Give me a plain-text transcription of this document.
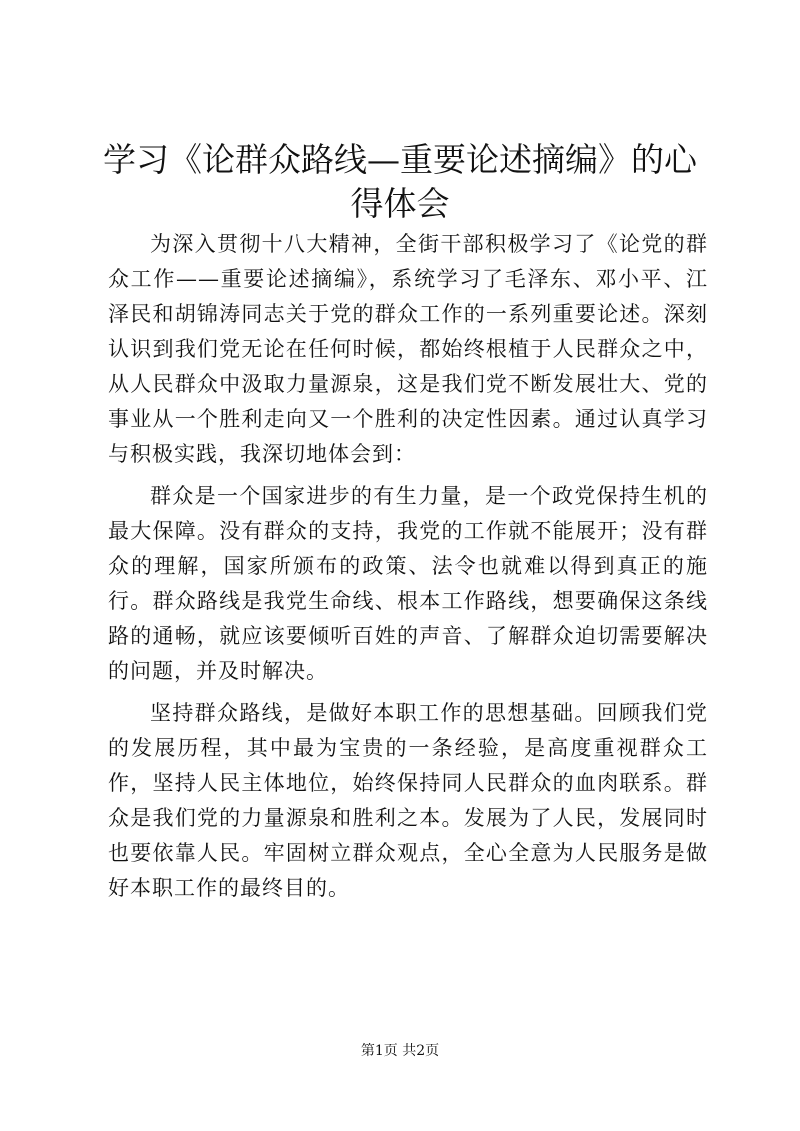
学习《论群众路线—重要论述摘编》的心得体会

为深入贯彻十八大精神，全街干部积极学习了《论党的群众工作——重要论述摘编》，系统学习了毛泽东、邓小平、江泽民和胡锦涛同志关于党的群众工作的一系列重要论述。深刻认识到我们党无论在任何时候，都始终根植于人民群众之中，从人民群众中汲取力量源泉，这是我们党不断发展壮大、党的事业从一个胜利走向又一个胜利的决定性因素。通过认真学习与积极实践，我深切地体会到：

群众是一个国家进步的有生力量，是一个政党保持生机的最大保障。没有群众的支持，我党的工作就不能展开；没有群众的理解，国家所颁布的政策、法令也就难以得到真正的施行。群众路线是我党生命线、根本工作路线，想要确保这条线路的通畅，就应该要倾听百姓的声音、了解群众迫切需要解决的问题，并及时解决。

坚持群众路线，是做好本职工作的思想基础。回顾我们党的发展历程，其中最为宝贵的一条经验，是高度重视群众工作，坚持人民主体地位，始终保持同人民群众的血肉联系。群众是我们党的力量源泉和胜利之本。发展为了人民，发展同时也要依靠人民。牢固树立群众观点，全心全意为人民服务是做好本职工作的最终目的。

第1页 共2页
